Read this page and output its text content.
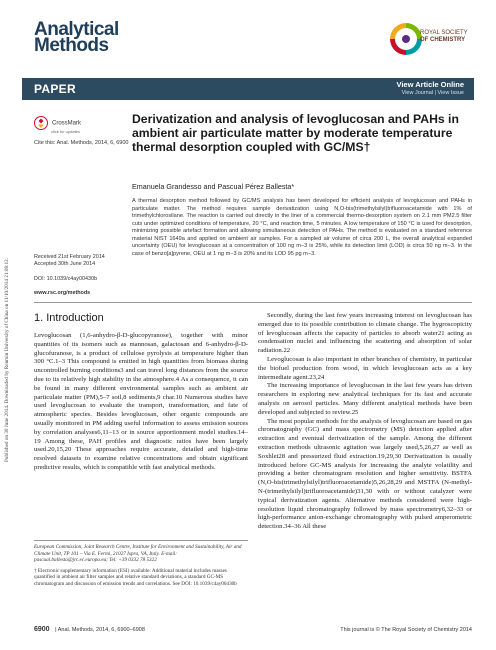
Published on 30 June 2014. Downloaded by Renmin University of China on 11/10/2014 21:08:12.
Analytical
Methods
ROYAL SOCIETY
OF CHEMISTRY
PAPER	View Article Online
View Journal | View Issue
CrossMark
click for updates
Cite this: Anal. Methods, 2014, 6, 6900
Derivatization and analysis of levoglucosan and PAHs in ambient air particulate matter by moderate temperature thermal desorption coupled with GC/MS†
Emanuela Grandesso and Pascual Pérez Ballesta*

A thermal desorption method followed by GC/MS analysis has been developed for efficient analysis of levoglucosan and PAHs in particulate matter. The method requires sample derivatization using N,O-bis(trimethylsilyl)trifluoroacetamide with 1% of trimethylchlorosilane. The reaction is carried out directly in the liner of a commercial thermo-desorption system on 2.1 mm PM2.5 filter cuts under optimized conditions of temperature, 20 °C, and reaction time, 5 minutes. A low temperature of 150 °C is used for desorption, minimizing possible artefact formation and allowing simultaneous detection of PAHs. The method is evaluated on a standard reference material NIST 1649a and applied on ambient air samples. For a sampled air volume of circa 200 L, the overall analytical expanded uncertainty (OEU) for levoglucosan at a concentration of 100 ng m−3 is 25%, while its detection limit (LOD) is circa 50 ng m−3. In the case of benzo[a]pyrene, OEU at 1 ng m−3 is 20% and its LOD 95 pg m−3.

Received 21st February 2014
Accepted 30th June 2014
DOI: 10.1039/c4ay00430b
www.rsc.org/methods
1. Introduction

Levoglucosan (1,6-anhydro-β-D-glucopyranose), together with minor quantities of its isomers such as mannosan, galactosan and 6-anhydro-β-D-glucofuranose, is a product of cellulose pyrolysis at temperature higher than 300 °C.1–3 This compound is emitted in high quantities from biomass during uncontrolled burning conditions3 and can travel long distances from the source due to its relatively high stability in the atmosphere.4 As a consequence, it can be found in many different environmental samples such as ambient air particulate matter (PM),5–7 soil,8 sediments,9 char.10 Numerous studies have used levoglucosan to evaluate the transport, transformation, and fate of atmospheric species. Besides levoglucosan, other organic compounds are usually monitored in PM adding useful information to assess emission sources by correlation analyses6,11–13 or in source apportionment model studies.14–19 Among these, PAH profiles and diagnostic ratios have been largely used.20,15,20 These approaches require accurate, detailed and high-time resolved datasets to examine relative concentrations and obtain significant predictive results, which is compatible with fast analytical methods.

Secondly, during the last few years increasing interest on levoglucosan has emerged due to its possible contribution to climate change. The hygroscopicity of levoglucosan affects the capacity of particles to absorb water21 acting as condensation nuclei and influencing the scattering and absorption of solar radiation.22

Levoglucosan is also important in other branches of chemistry, in particular the biofuel production from wood, in which levoglucosan acts as a key intermediate agent.23,24

The increasing importance of levoglucosan in the last few years has driven researchers in exploring new analytical techniques for its fast and accurate analysis on aerosol particles. Many different analytical methods have been developed and subjected to review.25

The most popular methods for the analysis of levoglucosan are based on gas chromatography (GC) and mass spectrometry (MS) detection applied after extraction and eventual derivatization of the sample. Among the different extraction methods ultrasonic agitation was largely used,5,26,27 as well as Soxhlet28 and pressurized fluid extraction.19,29,30 Derivatization is usually introduced before GC-MS analysis for increasing the analyte volatility and providing a better chromatogram resolution and higher sensitivity. BSTFA (N,O-bis(trimethylsilyl)trifluoroacetamide)5,26,28,29 and MSTFA (N-methyl-N-(trimethylsilyl)trifluoroacetamide)31,30 with or without catalyzer were typical derivatization agents. Alternative methods considered were high-resolution liquid chromatography followed by mass spectrometry6,32–33 or high-performance anion-exchange chromatography with pulsed amperometric detection.34–36 All these

European Commission, Joint Research Centre, Institute for Environment and Sustainability, Air and Climate Unit, TP 101 – Via E. Fermi, 21027 Ispra, VA, Italy. E-mail: pascual.ballesta@jrc.ec.europa.eu; Tel: +39 0332 78 5322
† Electronic supplementary information (ESI) available: Additional material includes masses quantified in ambient air filter samples and relative standard deviations, a standard GC-MS chromatogram and discussion of emission trends and correlations. See DOI: 10.1039/c4ay00430b
6900 | Anal. Methods, 2014, 6, 6900–6908	This journal is © The Royal Society of Chemistry 2014
